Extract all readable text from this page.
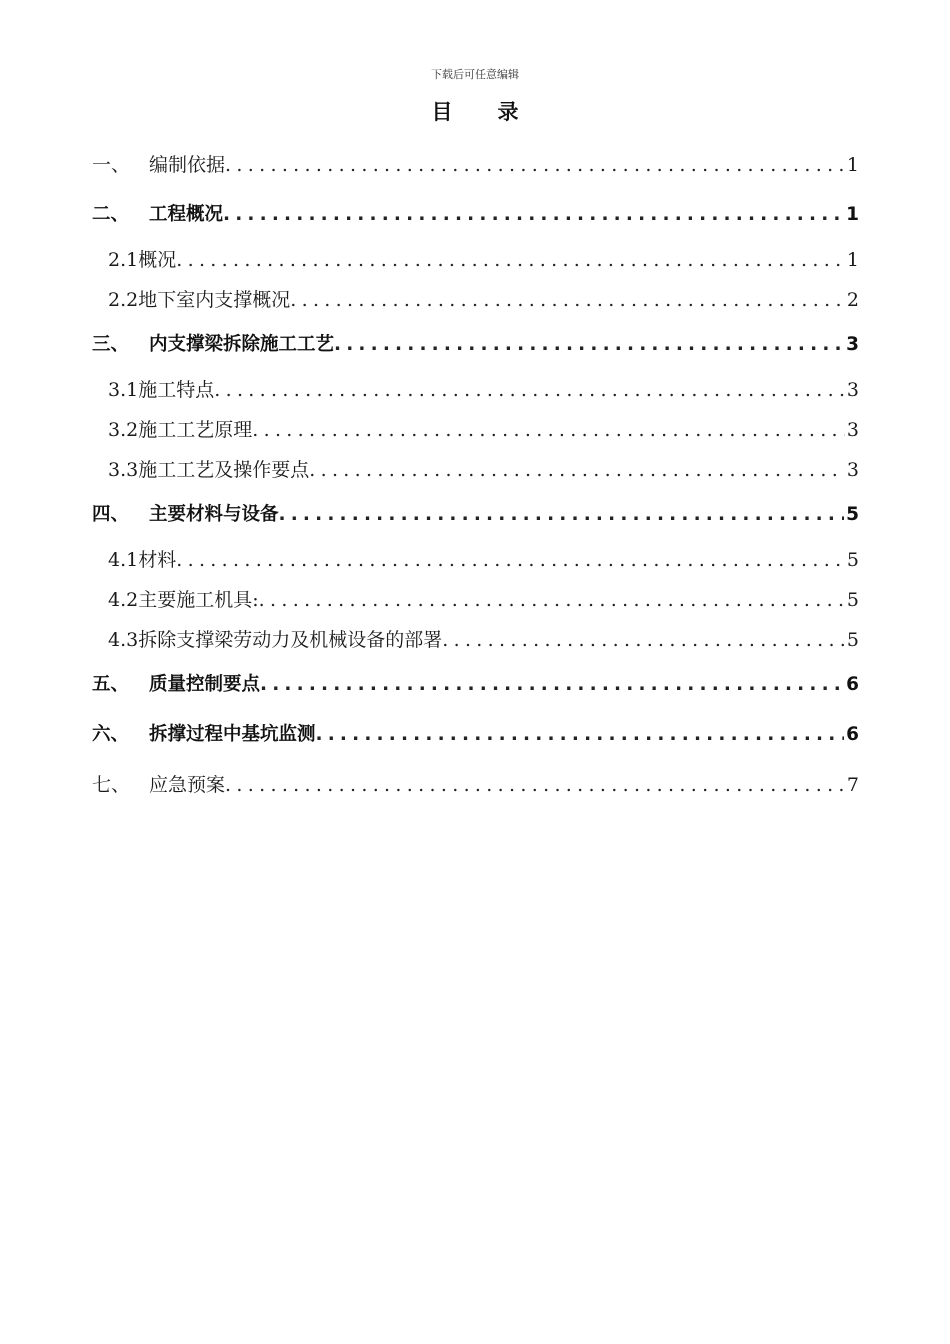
下载后可任意编辑
目 录
一、 编制依据 .....	1
二、	工程概况 .....	1
2.1概况 .....	1
2.2地下室内支撑概况 .....	2
三、	内支撑梁拆除施工工艺 .....	3
3.1施工特点 .....	3
3.2施工工艺原理 .....	3
3.3施工工艺及操作要点 .....	3
四、	主要材料与设备 .....	5
4.1材料 .....	5
4.2主要施工机具: .....	5
4.3拆除支撑梁劳动力及机械设备的部署 .....	5
五、	质量控制要点 .....	6
六、	拆撑过程中基坑监测 .....	6
七、 应急预案 .....	7
